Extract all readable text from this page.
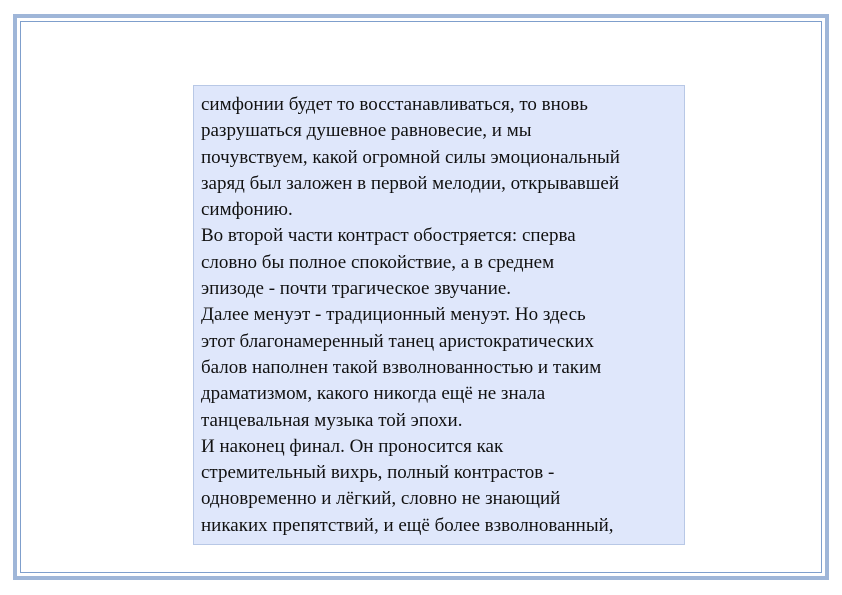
симфонии будет то восстанавливаться, то вновь
разрушаться душевное равновесие, и мы
почувствуем, какой огромной силы эмоциональный
заряд был заложен в первой мелодии, открывавшей
симфонию.
Во второй части контраст обостряется: сперва
словно бы полное спокойствие, а в среднем
эпизоде - почти трагическое звучание.
Далее менуэт - традиционный менуэт. Но здесь
этот благонамеренный танец аристократических
балов наполнен такой взволнованностью и таким
драматизмом, какого никогда ещё не знала
танцевальная музыка той эпохи.
И наконец финал. Он проносится как
стремительный вихрь, полный контрастов -
одновременно и лёгкий, словно не знающий
никаких препятствий, и ещё более взволнованный,
